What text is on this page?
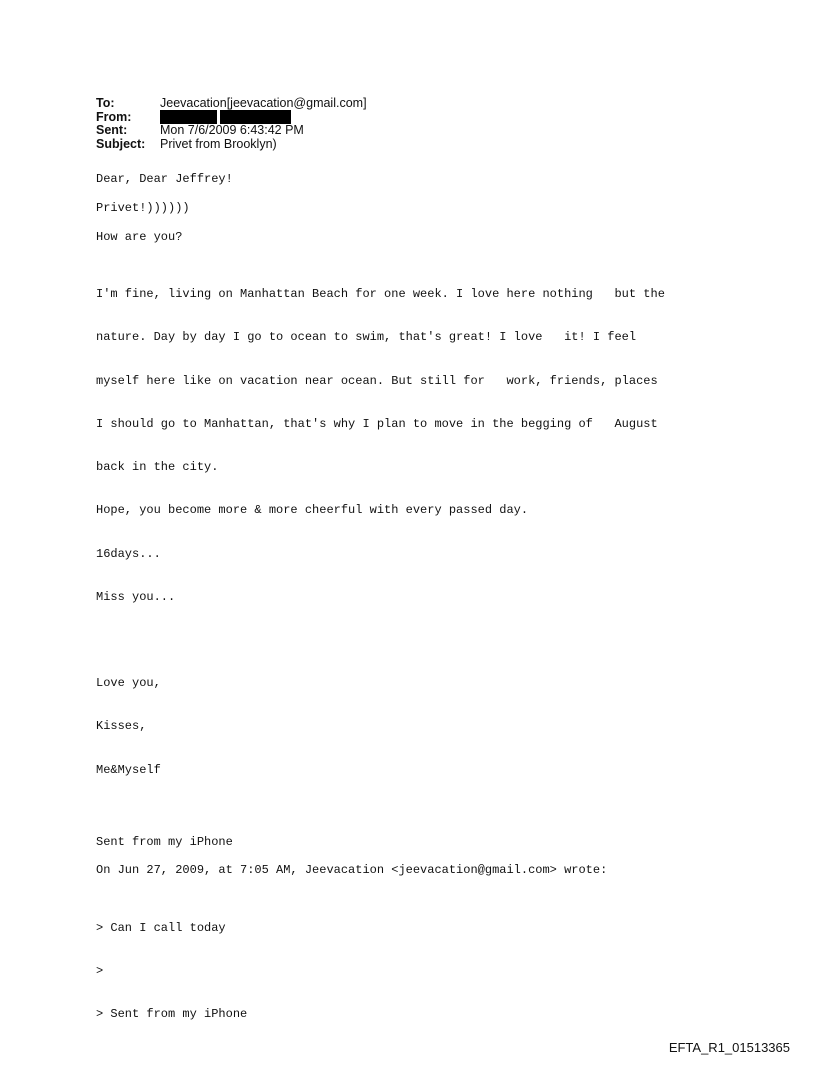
To:	Jeevacation[jeevacation@gmail.com]
From:
Sent:	Mon 7/6/2009 6:43:42 PM
Subject:	Privet from Brooklyn)

Dear, Dear Jeffrey!

Privet!))))))

How are you?

I'm fine, living on Manhattan Beach for one week. I love here nothing   but the

nature. Day by day I go to ocean to swim, that's great! I love   it! I feel

myself here like on vacation near ocean. But still for   work, friends, places

I should go to Manhattan, that's why I plan to move in the begging of   August

back in the city.

Hope, you become more & more cheerful with every passed day.

16days...

Miss you...

Love you,

Kisses,

Me&Myself

Sent from my iPhone

On Jun 27, 2009, at 7:05 AM, Jeevacation <jeevacation@gmail.com> wrote:

> Can I call today

>

> Sent from my iPhone

EFTA_R1_01513365
